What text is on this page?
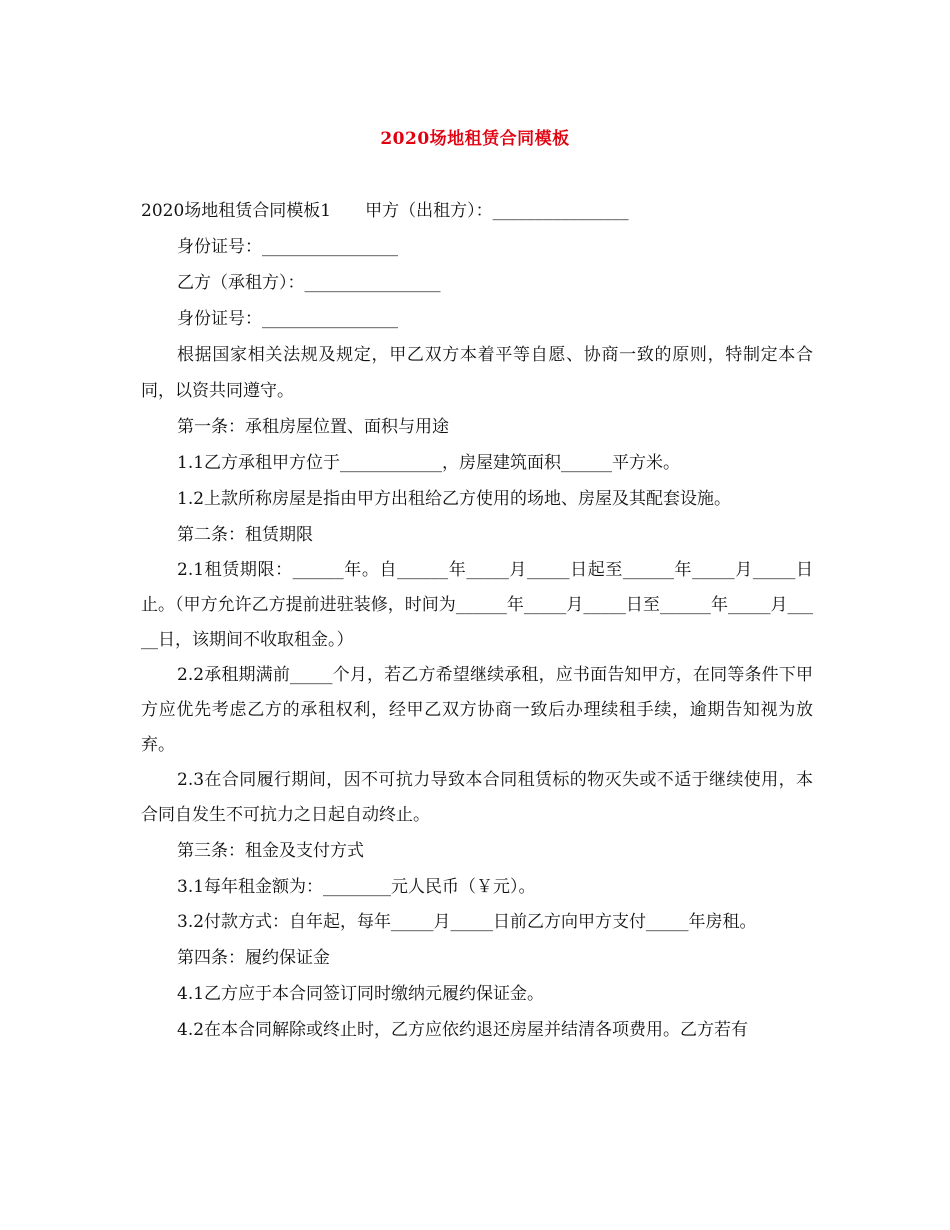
2020场地租赁合同模板

2020场地租赁合同模板1　　甲方（出租方）：________________

身份证号：________________

乙方（承租方）：________________

身份证号：________________

根据国家相关法规及规定，甲乙双方本着平等自愿、协商一致的原则，特制定本合同，以资共同遵守。

第一条：承租房屋位置、面积与用途

1.1乙方承租甲方位于____________，房屋建筑面积______平方米。

1.2上款所称房屋是指由甲方出租给乙方使用的场地、房屋及其配套设施。

第二条：租赁期限

2.1租赁期限：______年。自______年_____月_____日起至______年_____月_____日止。（甲方允许乙方提前进驻装修，时间为______年_____月_____日至______年_____月_____日，该期间不收取租金。）

2.2承租期满前_____个月，若乙方希望继续承租，应书面告知甲方，在同等条件下甲方应优先考虑乙方的承租权利，经甲乙双方协商一致后办理续租手续，逾期告知视为放弃。

2.3在合同履行期间，因不可抗力导致本合同租赁标的物灭失或不适于继续使用，本合同自发生不可抗力之日起自动终止。

第三条：租金及支付方式

3.1每年租金额为：________元人民币（￥元）。

3.2付款方式：自年起，每年_____月_____日前乙方向甲方支付_____年房租。

第四条：履约保证金

4.1乙方应于本合同签订同时缴纳元履约保证金。

4.2在本合同解除或终止时，乙方应依约退还房屋并结清各项费用。乙方若有
